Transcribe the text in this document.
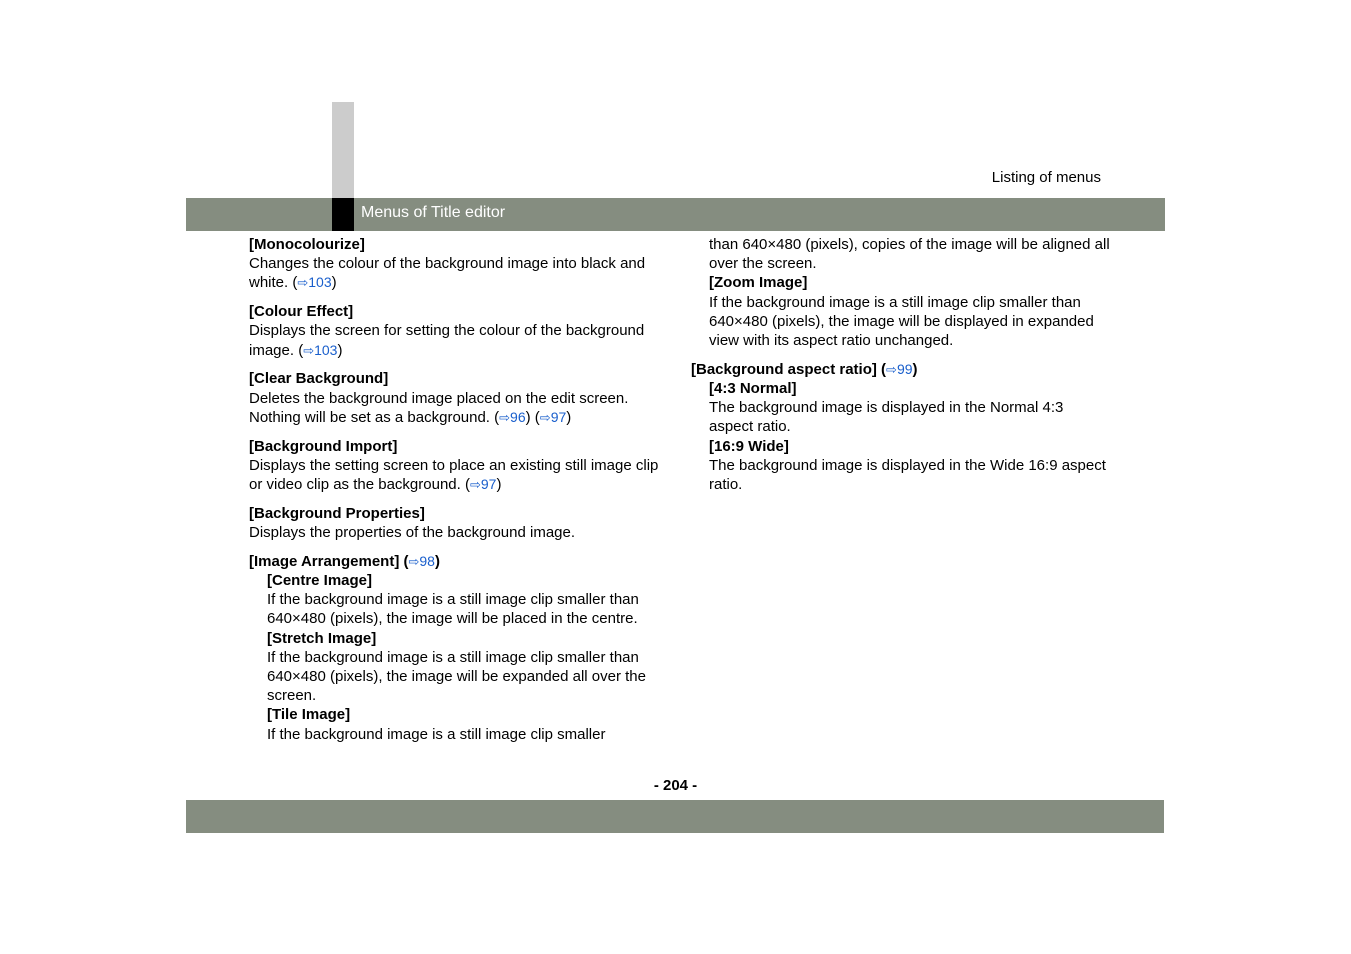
Menus of Title editor
Listing of menus
[Monocolourize]
Changes the colour of the background image into black and white. (⇨103)
[Colour Effect]
Displays the screen for setting the colour of the background image. (⇨103)
[Clear Background]
Deletes the background image placed on the edit screen. Nothing will be set as a background. (⇨96) (⇨97)
[Background Import]
Displays the setting screen to place an existing still image clip or video clip as the background. (⇨97)
[Background Properties]
Displays the properties of the background image.
[Image Arrangement] (⇨98)
[Centre Image]
If the background image is a still image clip smaller than 640×480 (pixels), the image will be placed in the centre.
[Stretch Image]
If the background image is a still image clip smaller than 640×480 (pixels), the image will be expanded all over the screen.
[Tile Image]
If the background image is a still image clip smaller
than 640×480 (pixels), copies of the image will be aligned all over the screen.
[Zoom Image]
If the background image is a still image clip smaller than 640×480 (pixels), the image will be displayed in expanded view with its aspect ratio unchanged.
[Background aspect ratio] (⇨99)
[4:3 Normal]
The background image is displayed in the Normal 4:3 aspect ratio.
[16:9 Wide]
The background image is displayed in the Wide 16:9 aspect ratio.
- 204 -
